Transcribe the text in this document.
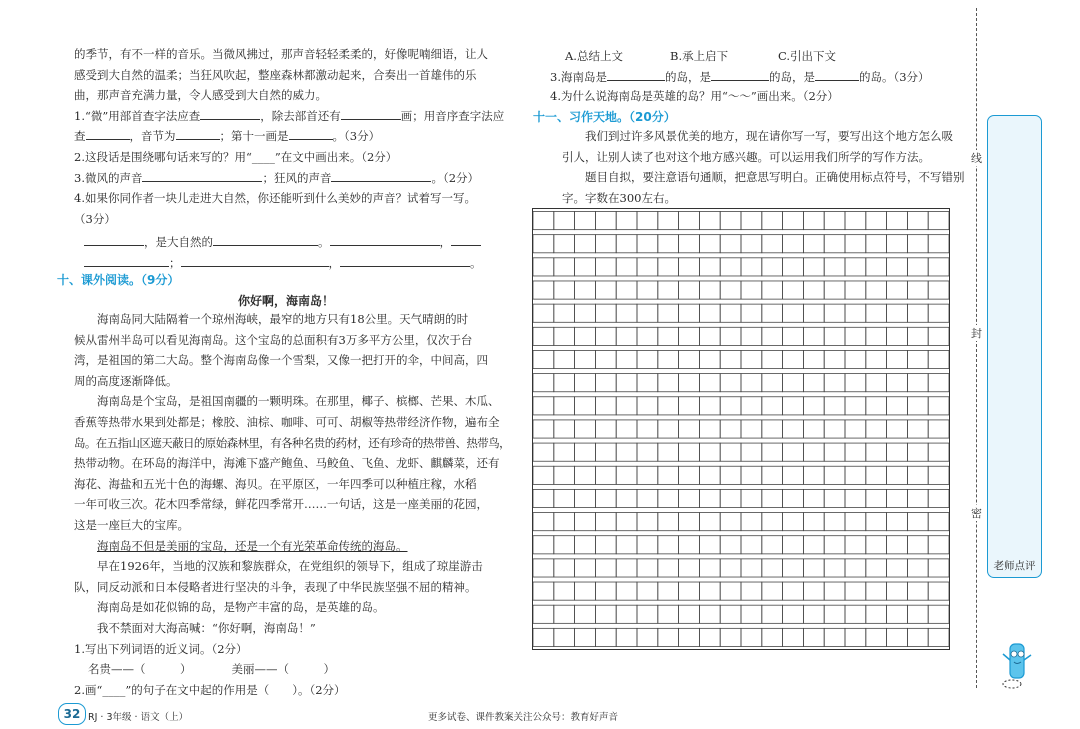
的季节，有不一样的音乐。当微风拂过，那声音轻轻柔柔的，好像呢喃细语，让人
感受到大自然的温柔；当狂风吹起，整座森林都激动起来，合奏出一首雄伟的乐
曲，那声音充满力量，令人感受到大自然的威力。
1.“微”用部首查字法应查	，除去部首还有	画；用音序查字法应
查	，音节为	；第十一画是	。（3分）
2.这段话是围绕哪句话来写的？用“____”在文中画出来。（2分）
3.微风的声音	；狂风的声音	。（2分）
4.如果你同作者一块儿走进大自然，你还能听到什么美妙的声音？试着写一写。
（3分）
，是大自然的	。	，
；	，	。
十、课外阅读。（9分）
你好啊，海南岛！
海南岛同大陆隔着一个琼州海峡，最窄的地方只有18公里。天气晴朗的时
候从雷州半岛可以看见海南岛。这个宝岛的总面积有3万多平方公里，仅次于台
湾，是祖国的第二大岛。整个海南岛像一个雪梨，又像一把打开的伞，中间高，四
周的高度逐渐降低。
海南岛是个宝岛，是祖国南疆的一颗明珠。在那里，椰子、槟榔、芒果、木瓜、
香蕉等热带水果到处都是；橡胶、油棕、咖啡、可可、胡椒等热带经济作物，遍布全
岛。在五指山区遮天蔽日的原始森林里，有各种名贵的药材，还有珍奇的热带兽、热带鸟，
热带动物。在环岛的海洋中，海滩下盛产鲍鱼、马鲛鱼、飞鱼、龙虾、麒麟菜，还有
海花、海盐和五光十色的海螺、海贝。在平原区，一年四季可以种植庄稼，水稻
一年可收三次。花木四季常绿，鲜花四季常开……一句话，这是一座美丽的花园，
这是一座巨大的宝库。
海南岛不但是美丽的宝岛，还是一个有光荣革命传统的海岛。
早在1926年，当地的汉族和黎族群众，在党组织的领导下，组成了琼崖游击
队，同反动派和日本侵略者进行坚决的斗争，表现了中华民族坚强不屈的精神。
海南岛是如花似锦的岛，是物产丰富的岛，是英雄的岛。
我不禁面对大海高喊：“你好啊，海南岛！”
1.写出下列词语的近义词。（2分）
名贵——（　　　）	美丽——（　　　）
2.画“____”的句子在文中起的作用是（　　）。（2分）
A.总结上文	B.承上启下	C.引出下文
3.海南岛是	的岛，是	的岛，是	的岛。（3分）
4.为什么说海南岛是英雄的岛？用“～～”画出来。（2分）
十一、习作天地。（20分）
我们到过许多风景优美的地方，现在请你写一写，要写出这个地方怎么吸
引人，让别人读了也对这个地方感兴趣。可以运用我们所学的写作方法。
题目自拟，要注意语句通顺，把意思写明白。正确使用标点符号，不写错别
字。字数在300左右。
线
封
密
老师点评
32 RJ · 3年级 · 语文（上）	更多试卷、课件教案关注公众号：教育好声音
